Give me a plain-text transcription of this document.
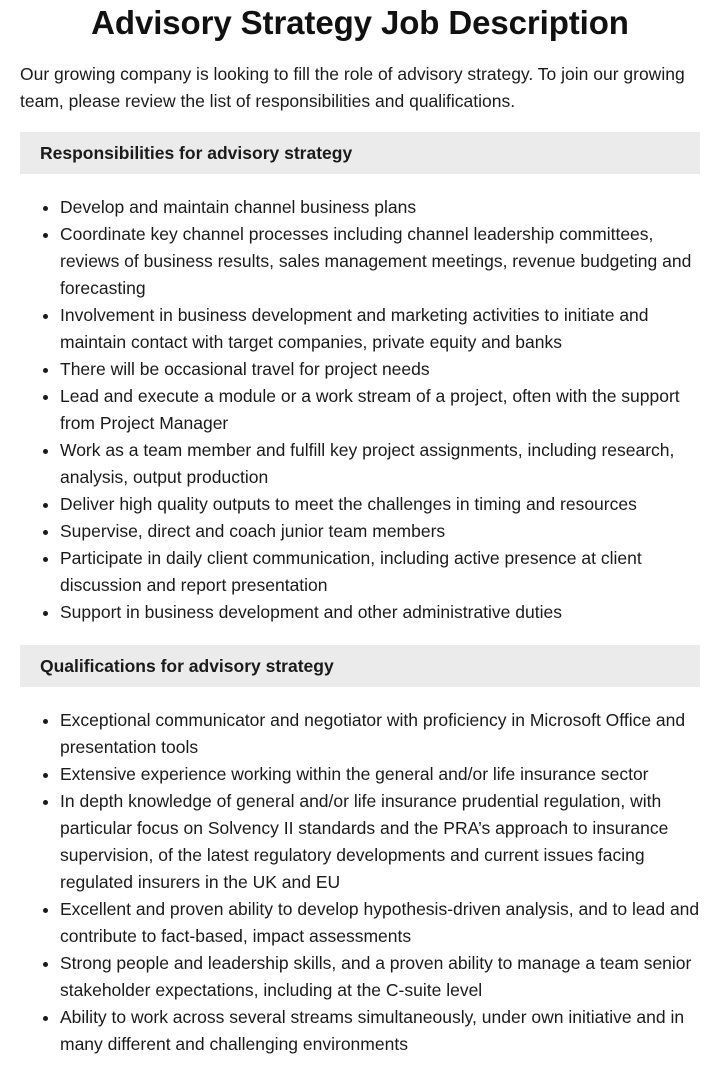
Advisory Strategy Job Description

Our growing company is looking to fill the role of advisory strategy. To join our growing team, please review the list of responsibilities and qualifications.

Responsibilities for advisory strategy
• Develop and maintain channel business plans
• Coordinate key channel processes including channel leadership committees, reviews of business results, sales management meetings, revenue budgeting and forecasting
• Involvement in business development and marketing activities to initiate and maintain contact with target companies, private equity and banks
• There will be occasional travel for project needs
• Lead and execute a module or a work stream of a project, often with the support from Project Manager
• Work as a team member and fulfill key project assignments, including research, analysis, output production
• Deliver high quality outputs to meet the challenges in timing and resources
• Supervise, direct and coach junior team members
• Participate in daily client communication, including active presence at client discussion and report presentation
• Support in business development and other administrative duties
Qualifications for advisory strategy
• Exceptional communicator and negotiator with proficiency in Microsoft Office and presentation tools
• Extensive experience working within the general and/or life insurance sector
• In depth knowledge of general and/or life insurance prudential regulation, with particular focus on Solvency II standards and the PRA’s approach to insurance supervision, of the latest regulatory developments and current issues facing regulated insurers in the UK and EU
• Excellent and proven ability to develop hypothesis-driven analysis, and to lead and contribute to fact-based, impact assessments
• Strong people and leadership skills, and a proven ability to manage a team senior stakeholder expectations, including at the C-suite level
• Ability to work across several streams simultaneously, under own initiative and in many different and challenging environments
